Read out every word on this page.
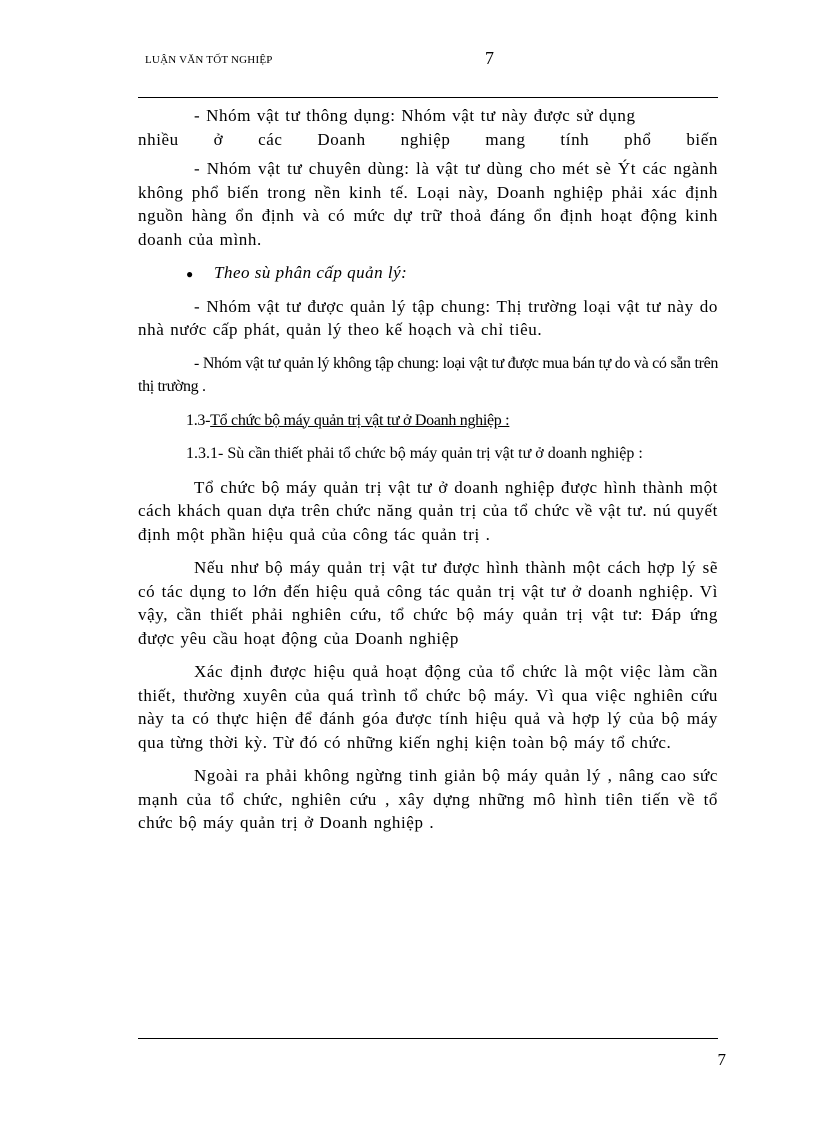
LUẬN VĂN TỐT NGHIỆP	7

- Nhóm vật tư thông dụng: Nhóm vật tư này được sử dụng
nhiều ở các Doanh nghiệp mang tính phổ biến

- Nhóm vật tư chuyên dùng: là vật tư dùng cho mét sè Ýt các ngành không phổ biến trong nền kinh tế. Loại này, Doanh nghiệp phải xác định nguồn hàng ổn định và có mức dự trữ thoả đáng ổn định hoạt động kinh doanh của mình.

●	Theo sù phân cấp quản lý:

- Nhóm vật tư được quản lý tập chung: Thị trường loại vật tư này do nhà nước cấp phát, quản lý theo kế hoạch và chỉ tiêu.

- Nhóm vật tư quản lý không tập chung: loại vật tư được mua bán tự do và có sẵn trên thị trường .

1.3-Tổ chức bộ máy quản trị vật tư ở Doanh nghiệp :

1.3.1- Sù cần thiết phải tổ chức bộ máy quản trị vật tư ở doanh nghiệp :

Tổ chức bộ máy quản trị vật tư ở doanh nghiệp được hình thành một cách khách quan dựa trên chức năng quản trị của tổ chức về vật tư. nú quyết định một phần hiệu quả của công tác quản trị .

Nếu như bộ máy quản trị vật tư được hình thành một cách hợp lý sẽ có tác dụng to lớn đến hiệu quả công tác quản trị vật tư ở doanh nghiệp. Vì vậy, cần thiết phải nghiên cứu, tổ chức bộ máy quản trị vật tư: Đáp ứng được yêu cầu hoạt động của Doanh nghiệp

Xác định được hiệu quả hoạt động của tổ chức là một việc làm cần thiết, thường xuyên của quá trình tổ chức bộ máy. Vì qua việc nghiên cứu này ta có thực hiện để đánh góa được tính hiệu quả và hợp lý của bộ máy qua từng thời kỳ. Từ đó có những kiến nghị kiện toàn bộ máy tổ chức.

Ngoài ra phải không ngừng tinh giản bộ máy quản lý , nâng cao sức mạnh của tổ chức, nghiên cứu , xây dựng những mô hình tiên tiến về tổ chức bộ máy quản trị ở Doanh nghiệp .

7
